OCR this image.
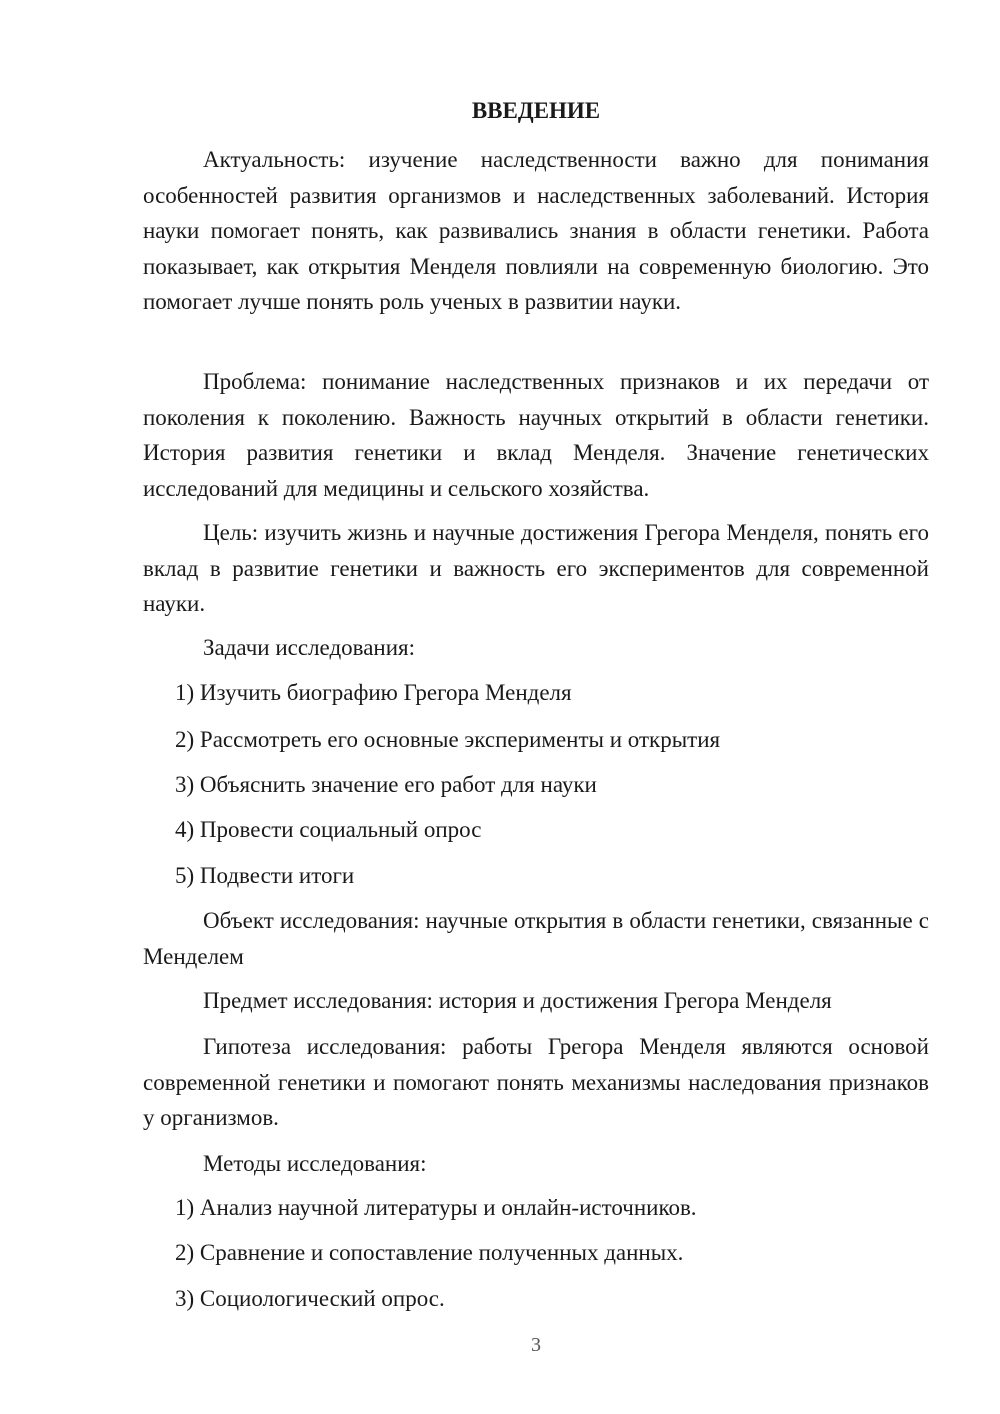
ВВЕДЕНИЕ

Актуальность: изучение наследственности важно для понимания особенностей развития организмов и наследственных заболеваний. История науки помогает понять, как развивались знания в области генетики. Работа показывает, как открытия Менделя повлияли на современную биологию. Это помогает лучше понять роль ученых в развитии науки.

Проблема: понимание наследственных признаков и их передачи от поколения к поколению. Важность научных открытий в области генетики. История развития генетики и вклад Менделя. Значение генетических исследований для медицины и сельского хозяйства.

Цель: изучить жизнь и научные достижения Грегора Менделя, понять его вклад в развитие генетики и важность его экспериментов для современной науки.

Задачи исследования:
1) Изучить биографию Грегора Менделя
2) Рассмотреть его основные эксперименты и открытия
3) Объяснить значение его работ для науки
4) Провести социальный опрос
5) Подвести итоги

Объект исследования: научные открытия в области генетики, связанные с Менделем

Предмет исследования: история и достижения Грегора Менделя

Гипотеза исследования: работы Грегора Менделя являются основой современной генетики и помогают понять механизмы наследования признаков у организмов.

Методы исследования:
1) Анализ научной литературы и онлайн-источников.
2) Сравнение и сопоставление полученных данных.
3) Социологический опрос.
3
